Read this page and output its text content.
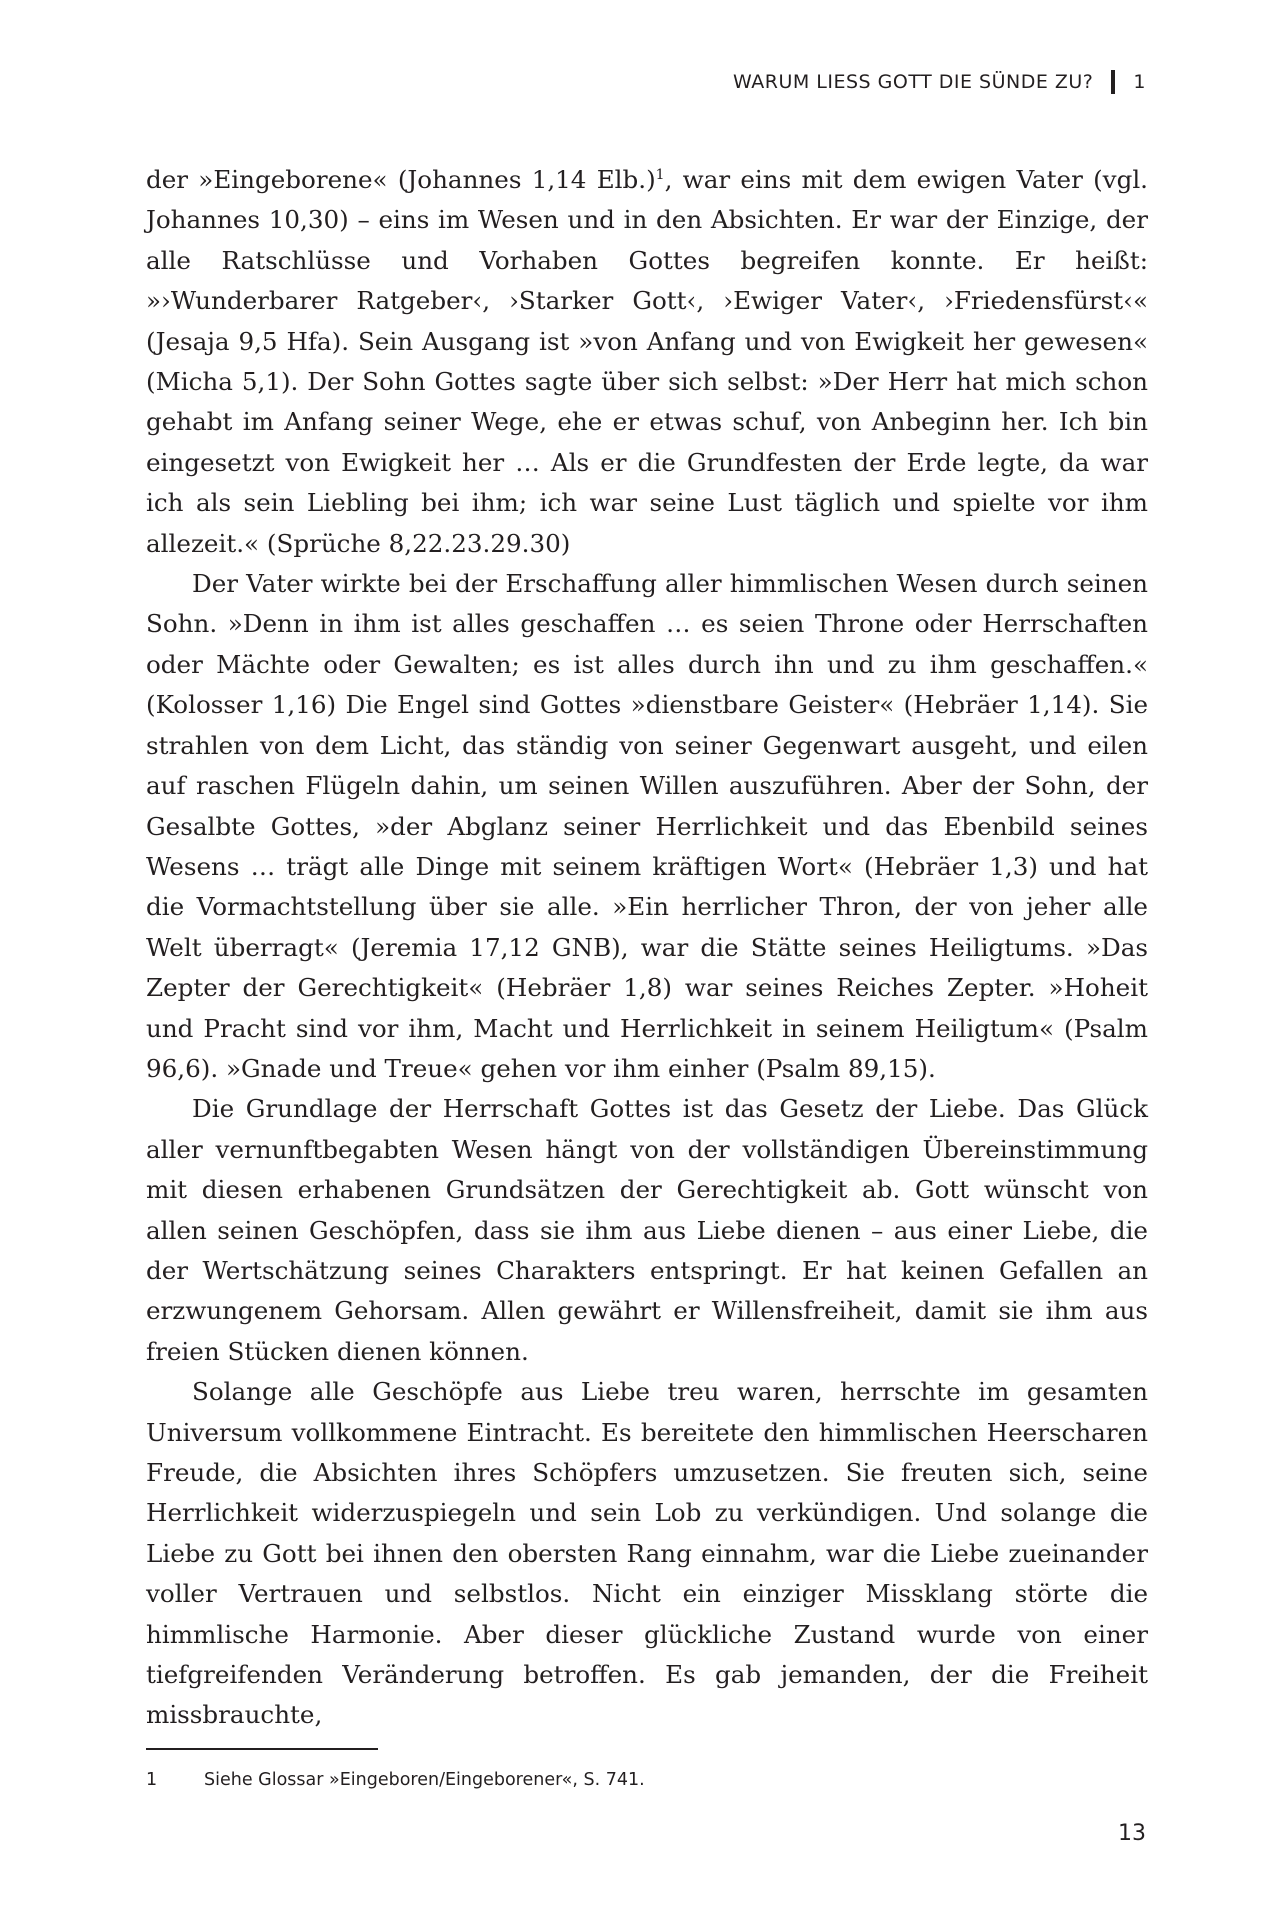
WARUM LIESS GOTT DIE SÜNDE ZU? 1

der »Eingeborene« (Johannes 1,14 Elb.)$^1$, war eins mit dem ewigen Vater (vgl. Johannes 10,30) – eins im Wesen und in den Absichten. Er war der Einzige, der alle Ratschlüsse und Vorhaben Gottes begreifen konnte. Er heißt: »›Wunderbarer Ratgeber‹, ›Starker Gott‹, ›Ewiger Vater‹, ›Friedensfürst‹« (Jesaja 9,5 Hfa). Sein Ausgang ist »von Anfang und von Ewigkeit her gewesen« (Micha 5,1). Der Sohn Gottes sagte über sich selbst: »Der Herr hat mich schon gehabt im Anfang seiner Wege, ehe er etwas schuf, von Anbeginn her. Ich bin eingesetzt von Ewigkeit her … Als er die Grundfesten der Erde legte, da war ich als sein Liebling bei ihm; ich war seine Lust täglich und spielte vor ihm allezeit.« (Sprüche 8,22.23.29.30)

Der Vater wirkte bei der Erschaffung aller himmlischen Wesen durch seinen Sohn. »Denn in ihm ist alles geschaffen … es seien Throne oder Herrschaften oder Mächte oder Gewalten; es ist alles durch ihn und zu ihm geschaffen.« (Kolosser 1,16) Die Engel sind Gottes »dienstbare Geister« (Hebräer 1,14). Sie strahlen von dem Licht, das ständig von seiner Gegenwart ausgeht, und eilen auf raschen Flügeln dahin, um seinen Willen auszuführen. Aber der Sohn, der Gesalbte Gottes, »der Abglanz seiner Herrlichkeit und das Ebenbild seines Wesens … trägt alle Dinge mit seinem kräftigen Wort« (Hebräer 1,3) und hat die Vormachtstellung über sie alle. »Ein herrlicher Thron, der von jeher alle Welt überragt« (Jeremia 17,12 GNB), war die Stätte seines Heiligtums. »Das Zepter der Gerechtigkeit« (Hebräer 1,8) war seines Reiches Zepter. »Hoheit und Pracht sind vor ihm, Macht und Herrlichkeit in seinem Heiligtum« (Psalm 96,6). »Gnade und Treue« gehen vor ihm einher (Psalm 89,15).

Die Grundlage der Herrschaft Gottes ist das Gesetz der Liebe. Das Glück aller vernunftbegabten Wesen hängt von der vollständigen Übereinstimmung mit diesen erhabenen Grundsätzen der Gerechtigkeit ab. Gott wünscht von allen seinen Geschöpfen, dass sie ihm aus Liebe dienen – aus einer Liebe, die der Wertschätzung seines Charakters entspringt. Er hat keinen Gefallen an erzwungenem Gehorsam. Allen gewährt er Willensfreiheit, damit sie ihm aus freien Stücken dienen können.

Solange alle Geschöpfe aus Liebe treu waren, herrschte im gesamten Universum vollkommene Eintracht. Es bereitete den himmlischen Heerscharen Freude, die Absichten ihres Schöpfers umzusetzen. Sie freuten sich, seine Herrlichkeit widerzuspiegeln und sein Lob zu verkündigen. Und solange die Liebe zu Gott bei ihnen den obersten Rang einnahm, war die Liebe zueinander voller Vertrauen und selbstlos. Nicht ein einziger Missklang störte die himmlische Harmonie. Aber dieser glückliche Zustand wurde von einer tiefgreifenden Veränderung betroffen. Es gab jemanden, der die Freiheit missbrauchte,

1	Siehe Glossar »Eingeboren/Eingeborener«, S. 741.
13
